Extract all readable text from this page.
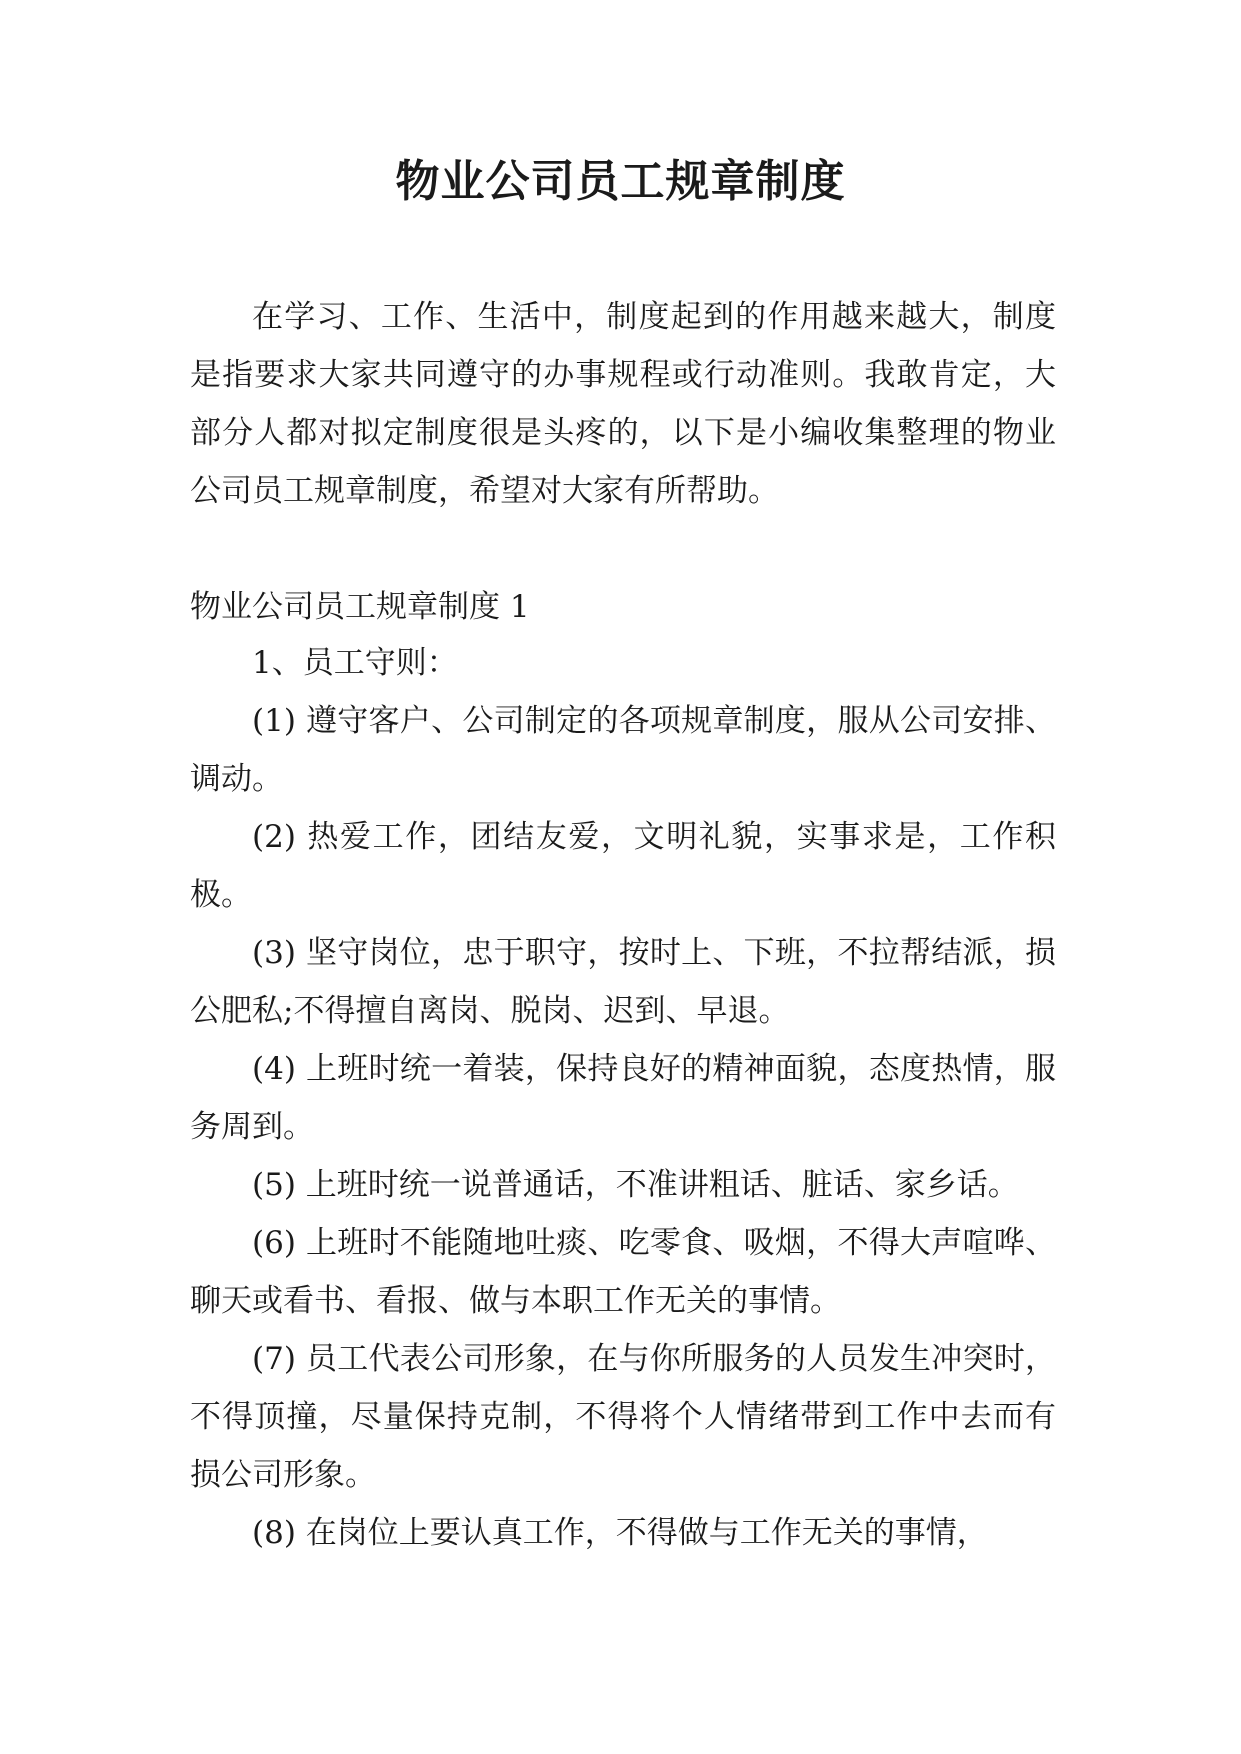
物业公司员工规章制度

在学习、工作、生活中，制度起到的作用越来越大，制度是指要求大家共同遵守的办事规程或行动准则。我敢肯定，大部分人都对拟定制度很是头疼的，以下是小编收集整理的物业公司员工规章制度，希望对大家有所帮助。

物业公司员工规章制度 1

1、员工守则：

(1) 遵守客户、公司制定的各项规章制度，服从公司安排、调动。

(2) 热爱工作，团结友爱，文明礼貌，实事求是，工作积极。

(3) 坚守岗位，忠于职守，按时上、下班，不拉帮结派，损公肥私;不得擅自离岗、脱岗、迟到、早退。

(4) 上班时统一着装，保持良好的精神面貌，态度热情，服务周到。

(5) 上班时统一说普通话，不准讲粗话、脏话、家乡话。

(6) 上班时不能随地吐痰、吃零食、吸烟，不得大声喧哗、聊天或看书、看报、做与本职工作无关的事情。

(7) 员工代表公司形象，在与你所服务的人员发生冲突时，不得顶撞，尽量保持克制，不得将个人情绪带到工作中去而有损公司形象。

(8) 在岗位上要认真工作，不得做与工作无关的事情，
